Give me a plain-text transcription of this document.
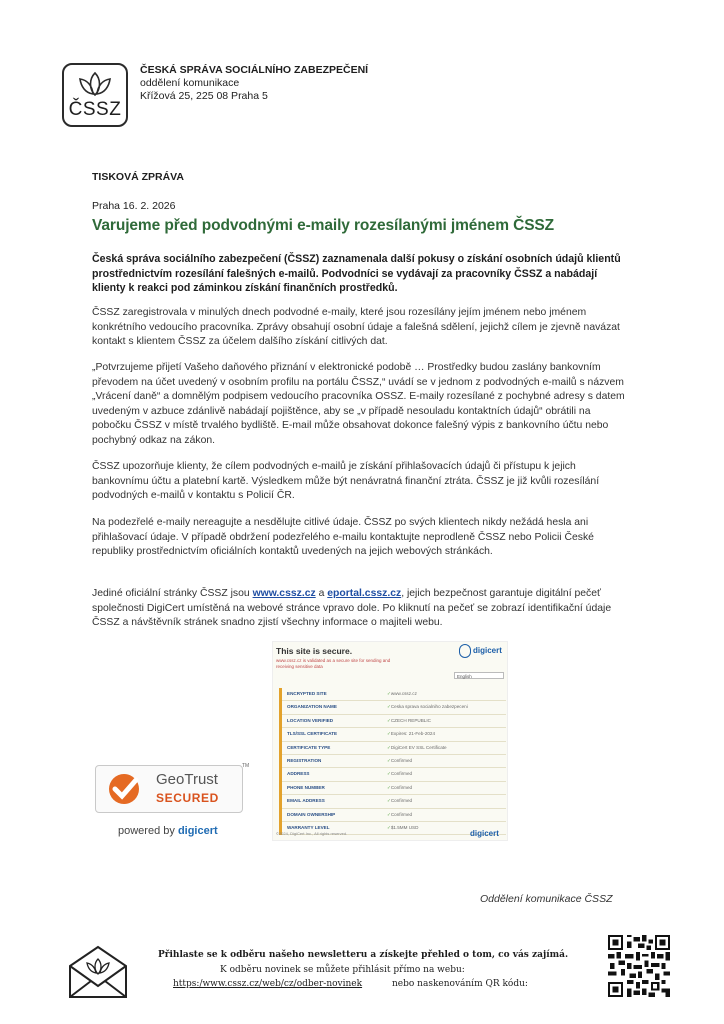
ČSSZ
ČESKÁ SPRÁVA SOCIÁLNÍHO ZABEZPEČENÍ
oddělení komunikace
Křížová 25, 225 08 Praha 5
TISKOVÁ ZPRÁVA
Praha 16. 2. 2026
Varujeme před podvodnými e-maily rozesílanými jménem ČSSZ
Česká správa sociálního zabezpečení (ČSSZ) zaznamenala další pokusy o získání osobních údajů klientů prostřednictvím rozesílání falešných e-mailů. Podvodníci se vydávají za pracovníky ČSSZ a nabádají klienty k reakci pod záminkou získání finančních prostředků.
ČSSZ zaregistrovala v minulých dnech podvodné e-maily, které jsou rozesílány jejím jménem nebo jménem konkrétního vedoucího pracovníka. Zprávy obsahují osobní údaje a falešná sdělení, jejichž cílem je zjevně navázat kontakt s klientem ČSSZ za účelem dalšího získání citlivých dat.
„Potvrzujeme přijetí Vašeho daňového přiznání v elektronické podobě … Prostředky budou zaslány bankovním převodem na účet uvedený v osobním profilu na portálu ČSSZ,“ uvádí se v jednom z podvodných e-mailů s názvem „Vrácení daně“ a domnělým podpisem vedoucího pracovníka OSSZ. E-maily rozesílané z pochybné adresy s datem uvedeným v azbuce zdánlivě nabádají pojištěnce, aby se „v případě nesouladu kontaktních údajů“ obrátili na pobočku ČSSZ v místě trvalého bydliště. E-mail může obsahovat dokonce falešný výpis z bankovního účtu nebo pochybný odkaz na zákon.
ČSSZ upozorňuje klienty, že cílem podvodných e-mailů je získání přihlašovacích údajů či přístupu k jejich bankovnímu účtu a platební kartě. Výsledkem může být nenávratná finanční ztráta. ČSSZ je již kvůli rozesílání podvodných e-mailů v kontaktu s Policií ČR.
Na podezřelé e-maily nereagujte a nesdělujte citlivé údaje. ČSSZ po svých klientech nikdy nežádá hesla ani přihlašovací údaje. V případě obdržení podezřelého e-mailu kontaktujte neprodleně ČSSZ nebo Policii České republiky prostřednictvím oficiálních kontaktů uvedených na jejich webových stránkách.
Jediné oficiální stránky ČSSZ jsou www.cssz.cz a eportal.cssz.cz, jejich bezpečnost garantuje digitální pečeť společnosti DigiCert umístěná na webové stránce vpravo dole. Po kliknutí na pečeť se zobrazí identifikační údaje ČSSZ a návštěvník stránek snadno zjistí všechny informace o majiteli webu.
GeoTrust
SECURED
TM
powered by digicert
This site is secure.
www.cssz.cz is validated as a secure site for sending and receiving sensitive data
digicert
English
ENCRYPTED SITE	✓ www.cssz.cz
ORGANIZATION NAME	✓ Ceska sprava socialniho zabezpeceni
LOCATION VERIFIED	✓ CZECH REPUBLIC
TLS/SSL CERTIFICATE	✓ Expires: 21-Feb-2024
CERTIFICATE TYPE	✓ DigiCert EV SSL Certificate
REGISTRATION	✓ Confirmed
ADDRESS	✓ Confirmed
PHONE NUMBER	✓ Confirmed
EMAIL ADDRESS	✓ Confirmed
DOMAIN OWNERSHIP	✓ Confirmed
WARRANTY LEVEL	✓ $1.5MM USD
©2024, DigiCert Inc., All rights reserved.	digicert
Oddělení komunikace ČSSZ
Přihlaste se k odběru našeho newsletteru a získejte přehled o tom, co vás zajímá.
K odběru novinek se můžete přihlásit přímo na webu:
https:/www.cssz.cz/web/cz/odber-novinek	nebo naskenováním QR kódu:
